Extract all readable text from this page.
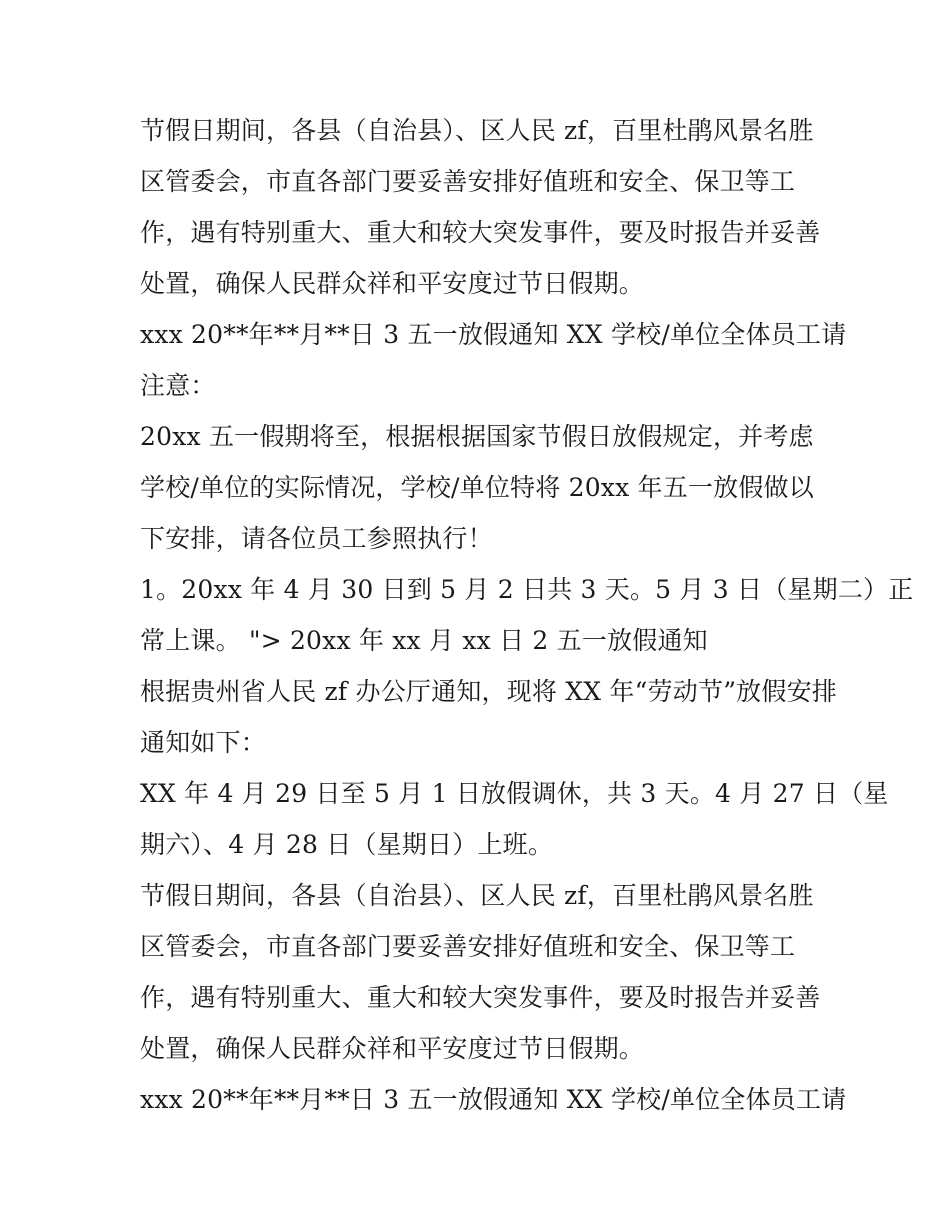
节假日期间，各县（自治县）、区人民 zf，百里杜鹃风景名胜
区管委会，市直各部门要妥善安排好值班和安全、保卫等工
作，遇有特别重大、重大和较大突发事件，要及时报告并妥善
处置，确保人民群众祥和平安度过节日假期。
xxx 20**年**月**日 3 五一放假通知 XX 学校/单位全体员工请
注意：
20xx 五一假期将至，根据根据国家节假日放假规定，并考虑
学校/单位的实际情况，学校/单位特将 20xx 年五一放假做以
下安排，请各位员工参照执行！
1。20xx 年 4 月 30 日到 5 月 2 日共 3 天。5 月 3 日（星期二）正
常上课。 "> 20xx 年 xx 月 xx 日 2 五一放假通知
根据贵州省人民 zf 办公厅通知，现将 XX 年“劳动节”放假安排
通知如下：
XX 年 4 月 29 日至 5 月 1 日放假调休，共 3 天。4 月 27 日（星
期六）、4 月 28 日（星期日）上班。
节假日期间，各县（自治县）、区人民 zf，百里杜鹃风景名胜
区管委会，市直各部门要妥善安排好值班和安全、保卫等工
作，遇有特别重大、重大和较大突发事件，要及时报告并妥善
处置，确保人民群众祥和平安度过节日假期。
xxx 20**年**月**日 3 五一放假通知 XX 学校/单位全体员工请
